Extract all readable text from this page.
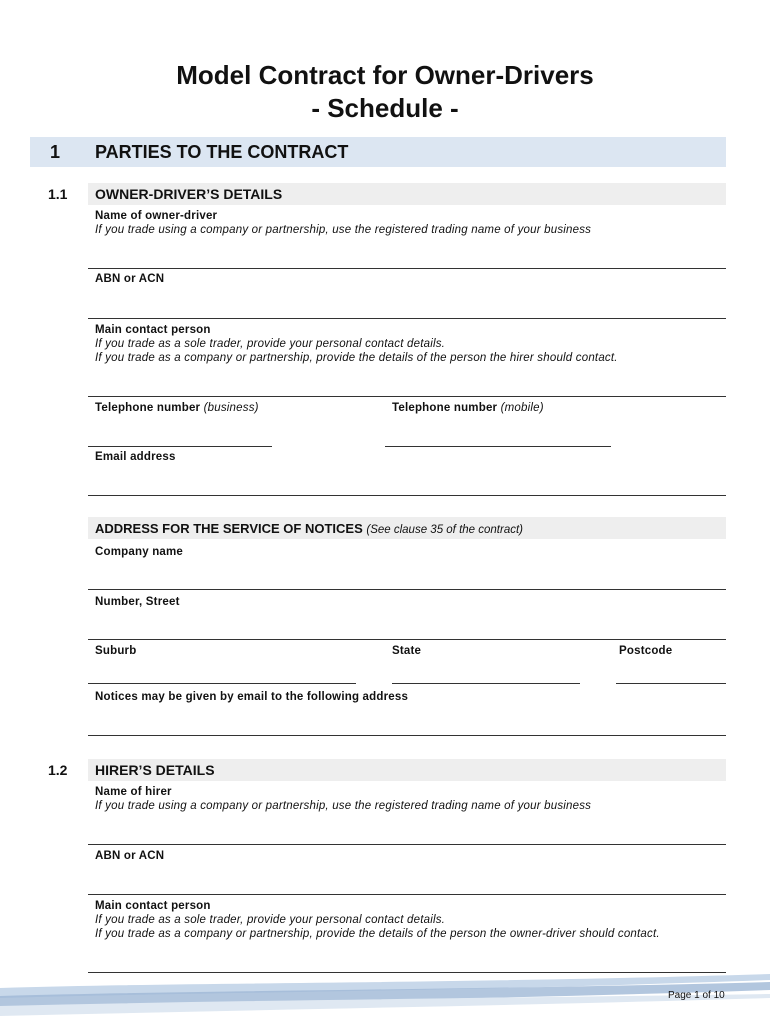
Model Contract for Owner-Drivers
- Schedule -
1 PARTIES TO THE CONTRACT
1.1 OWNER-DRIVER’S DETAILS
Name of owner-driver
If you trade using a company or partnership, use the registered trading name of your business
ABN or ACN
Main contact person
If you trade as a sole trader, provide your personal contact details.
If you trade as a company or partnership, provide the details of the person the hirer should contact.
Telephone number (business)	Telephone number (mobile)
Email address
ADDRESS FOR THE SERVICE OF NOTICES (See clause 35 of the contract)
Company name
Number, Street
Suburb	State	Postcode
Notices may be given by email to the following address
1.2 HIRER’S DETAILS
Name of hirer
If you trade using a company or partnership, use the registered trading name of your business
ABN or ACN
Main contact person
If you trade as a sole trader, provide your personal contact details.
If you trade as a company or partnership, provide the details of the person the owner-driver should contact.
Page 1 of 10
